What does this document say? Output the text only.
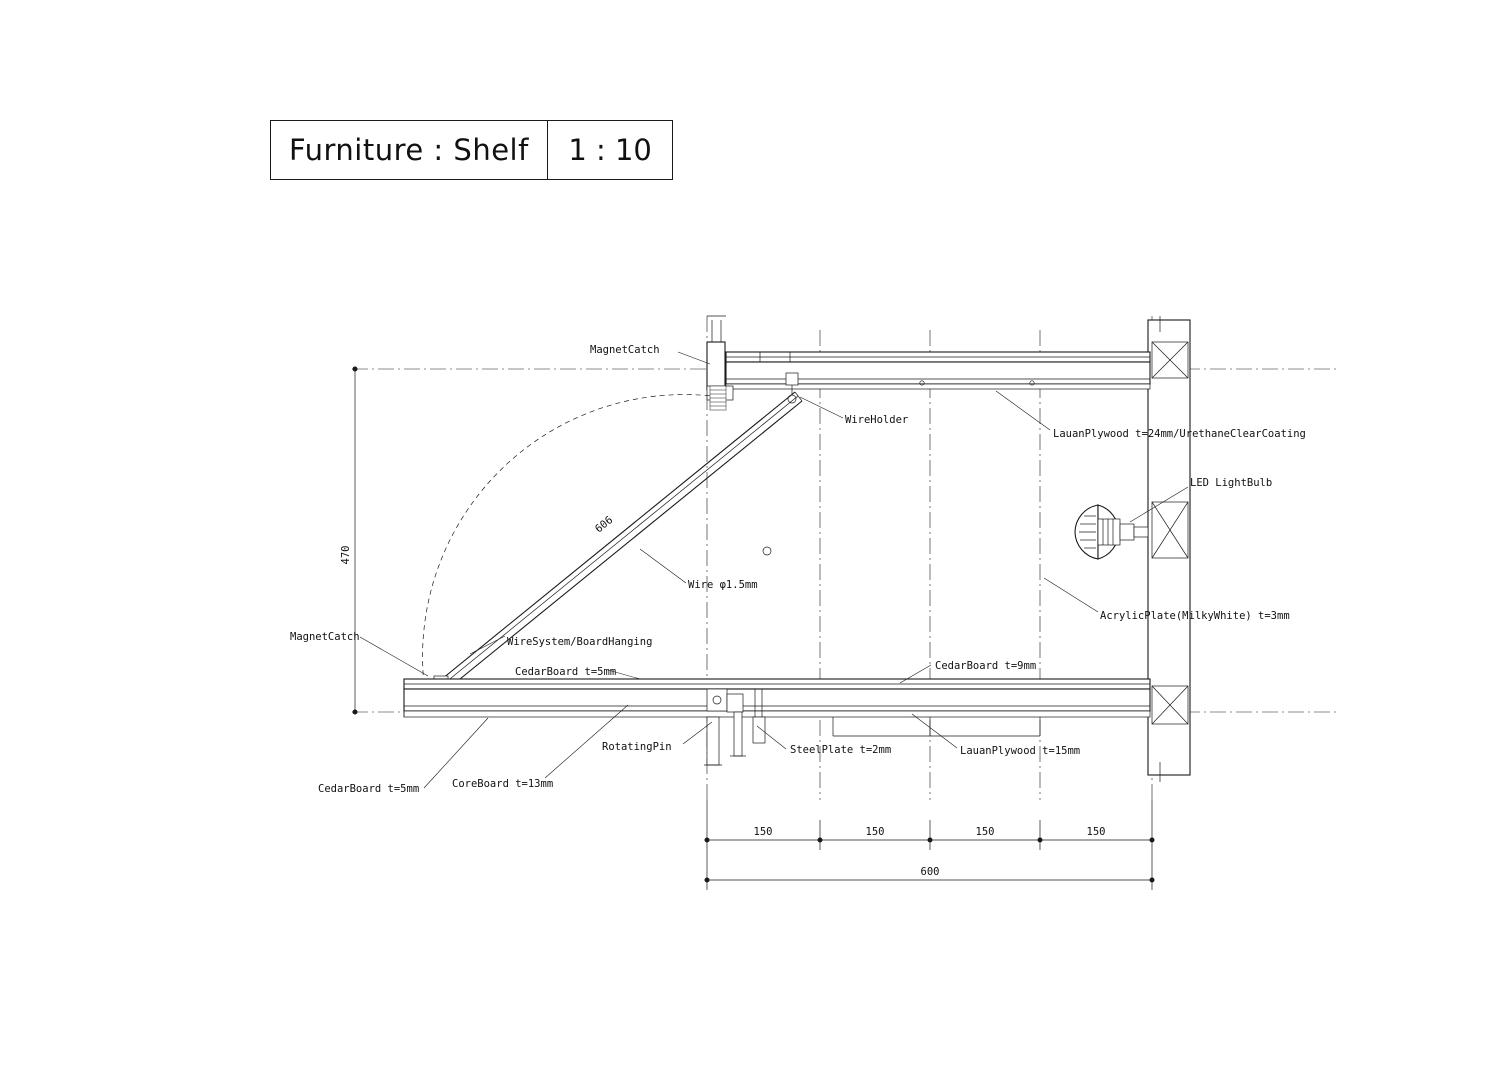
Furniture : Shelf	1 : 10
MagnetCatch
WireHolder
LauanPlywood t=24mm/UrethaneClearCoating
LED LightBulb
AcrylicPlate(MilkyWhite) t=3mm
Wire φ1.5mm
WireSystem/BoardHanging
MagnetCatch
CedarBoard t=5mm	CedarBoard t=9mm
RotatingPin	SteelPlate t=2mm	LauanPlywood t=15mm
CedarBoard t=5mm	CoreBoard t=13mm
470
606
150	150	150	150
600
